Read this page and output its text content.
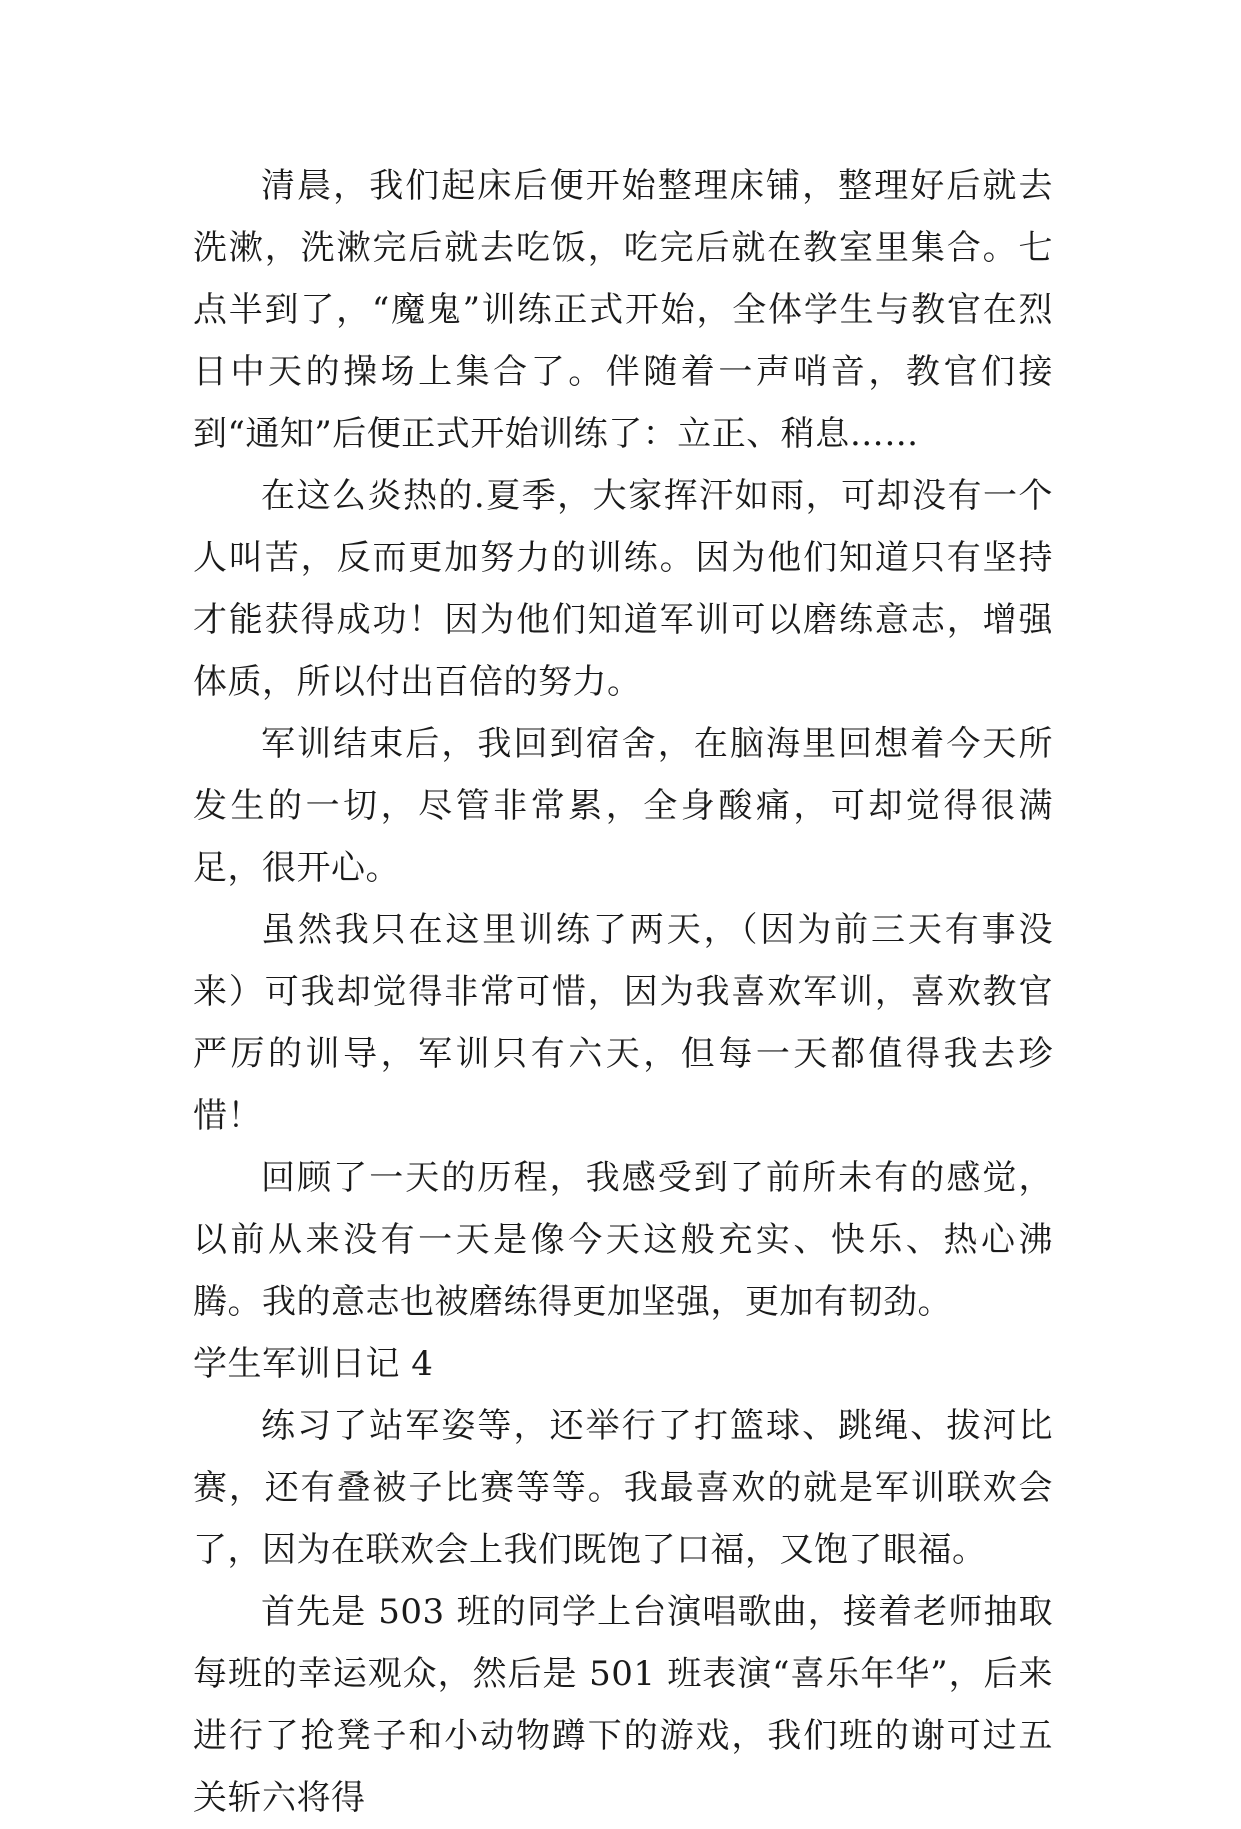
清晨，我们起床后便开始整理床铺，整理好后就去洗漱，洗漱完后就去吃饭，吃完后就在教室里集合。七点半到了，“魔鬼”训练正式开始，全体学生与教官在烈日中天的操场上集合了。伴随着一声哨音，教官们接到“通知”后便正式开始训练了：立正、稍息……

在这么炎热的.夏季，大家挥汗如雨，可却没有一个人叫苦，反而更加努力的训练。因为他们知道只有坚持才能获得成功！因为他们知道军训可以磨练意志，增强体质，所以付出百倍的努力。

军训结束后，我回到宿舍，在脑海里回想着今天所发生的一切，尽管非常累，全身酸痛，可却觉得很满足，很开心。

虽然我只在这里训练了两天，（因为前三天有事没来）可我却觉得非常可惜，因为我喜欢军训，喜欢教官严厉的训导，军训只有六天，但每一天都值得我去珍惜！

回顾了一天的历程，我感受到了前所未有的感觉，以前从来没有一天是像今天这般充实、快乐、热心沸腾。我的意志也被磨练得更加坚强，更加有韧劲。

学生军训日记 4

练习了站军姿等，还举行了打篮球、跳绳、拔河比赛，还有叠被子比赛等等。我最喜欢的就是军训联欢会了，因为在联欢会上我们既饱了口福，又饱了眼福。

首先是 503 班的同学上台演唱歌曲，接着老师抽取每班的幸运观众，然后是 501 班表演“喜乐年华”，后来进行了抢凳子和小动物蹲下的游戏，我们班的谢可过五关斩六将得
